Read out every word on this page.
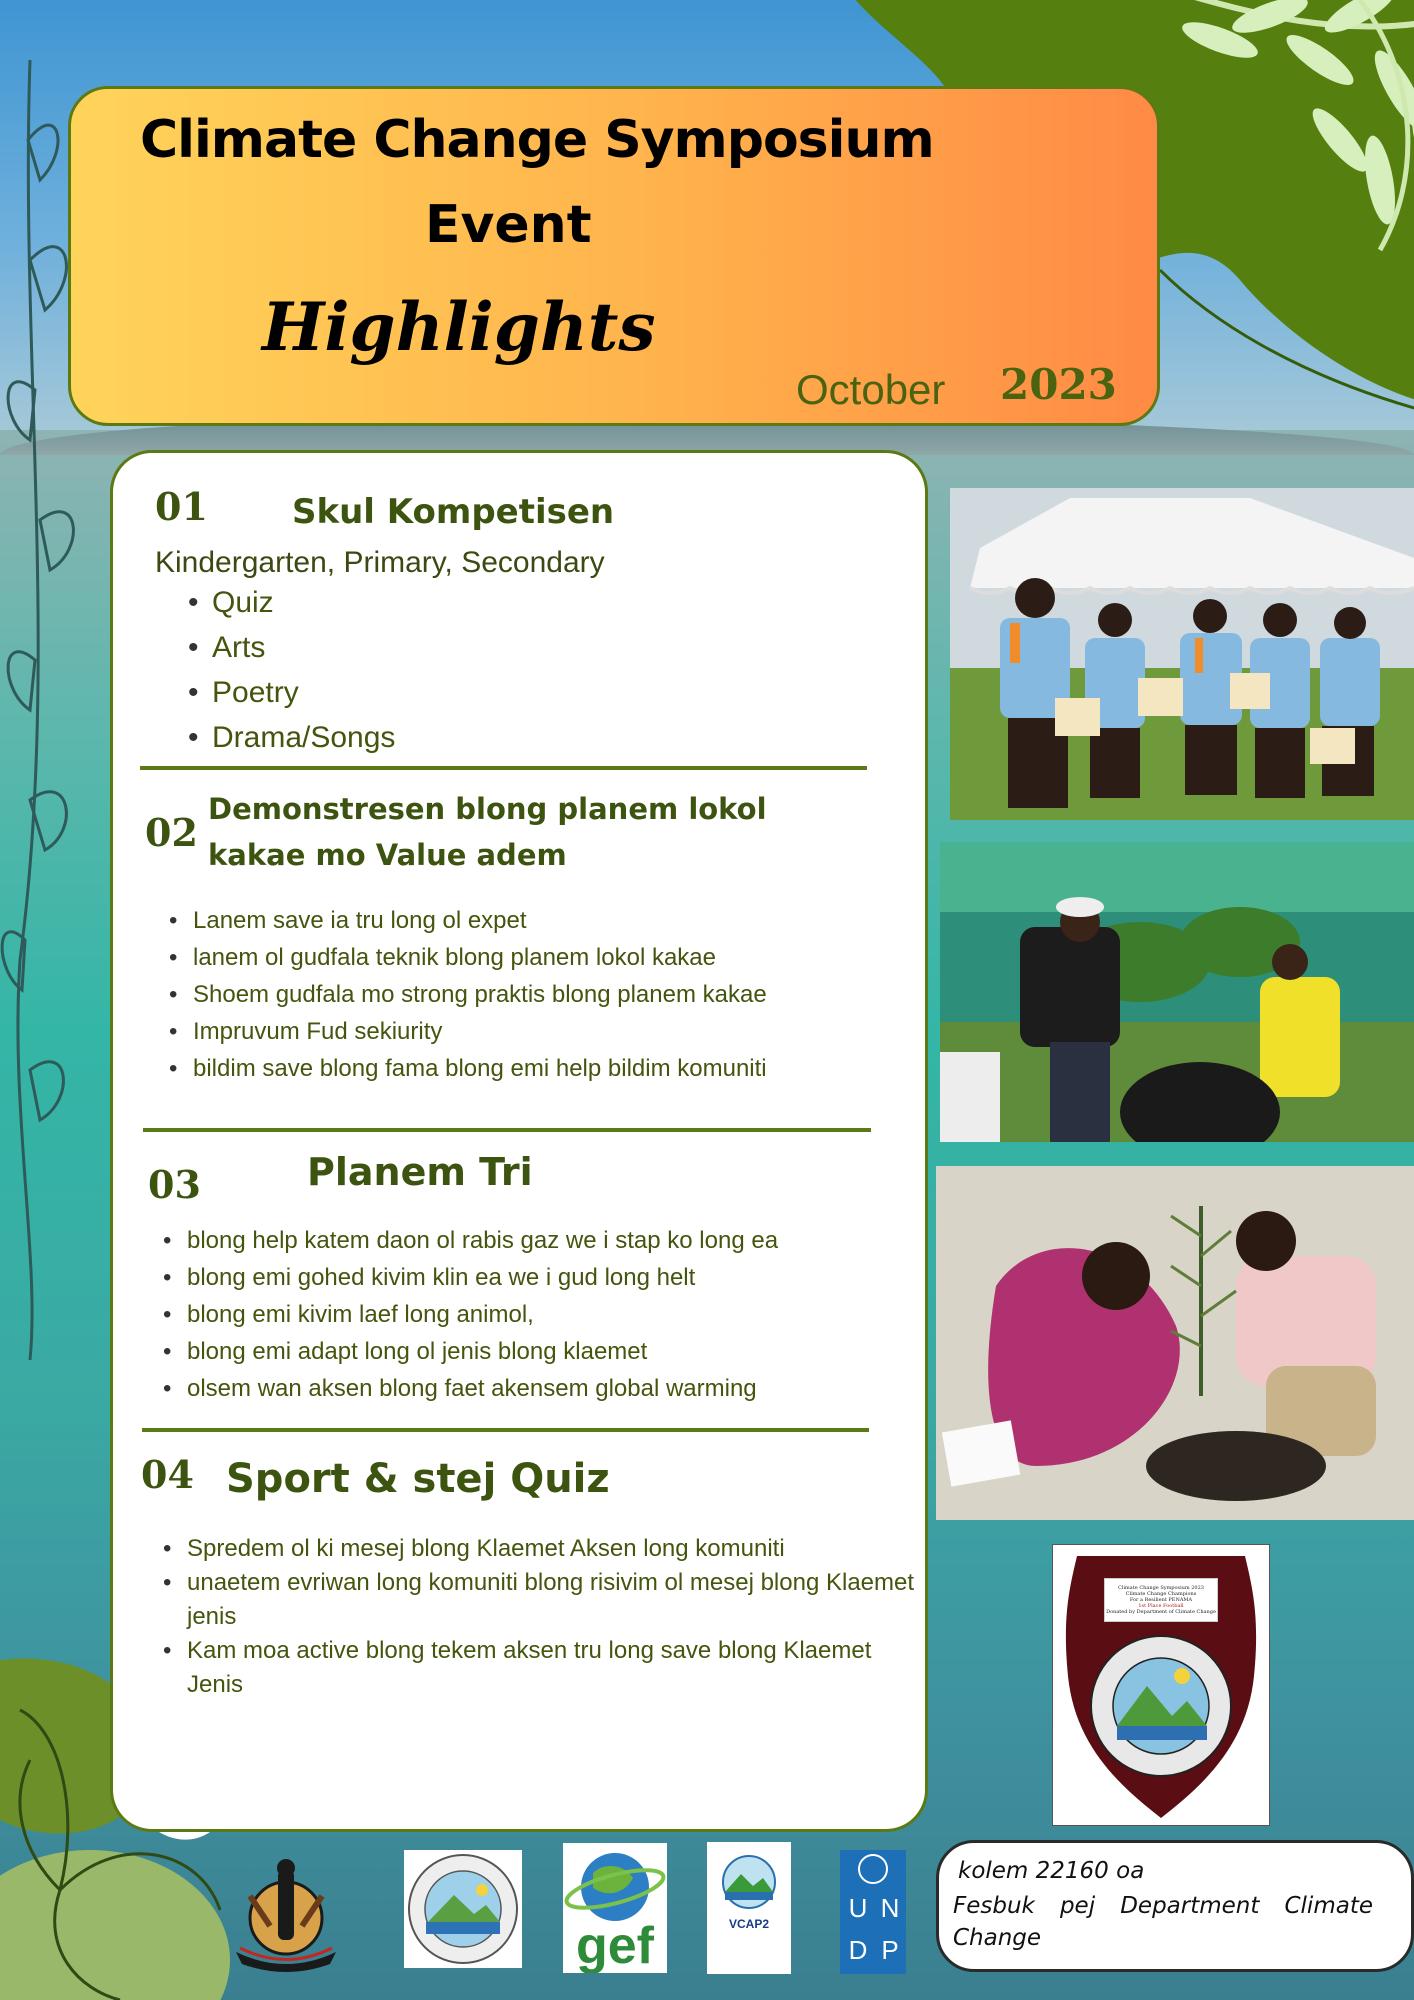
Climate Change Symposium
Event
Highlights
October 2023
01 Skul Kompetisen
Kindergarten, Primary, Secondary
• Quiz
• Arts
• Poetry
• Drama/Songs
02
Demonstresen blong planem lokol kakae mo Value adem
• Lanem save ia tru long ol expet
• lanem ol gudfala teknik blong planem lokol kakae
• Shoem gudfala mo strong praktis blong planem kakae
• Impruvum Fud sekiurity
• bildim save blong fama blong emi help bildim komuniti
03	Planem Tri
• blong help katem daon ol rabis gaz we i stap ko long ea
• blong emi gohed kivim klin ea we i gud long helt
• blong emi kivim laef long animol,
• blong emi adapt long ol jenis blong klaemet
• olsem wan aksen blong faet akensem global warming
04 Sport & stej Quiz
• Spredem ol ki mesej blong Klaemet Aksen long komuniti
• unaetem evriwan long komuniti blong risivim ol mesej blong Klaemet jenis
• Kam moa active blong tekem aksen tru long save blong Klaemet Jenis
Climate Change Symposium 2023
Climate Change Champions
For a Resilient PENAMA
1st Place Football
Donated by Department of Climate Change
gef	VCAP2
U N
D P
kolem 22160 oa
Fesbuk pej Department Climate Change
